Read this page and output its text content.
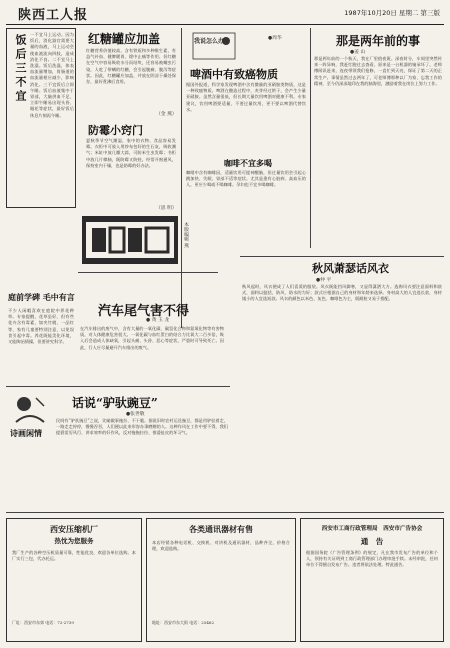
陕西工人报	1987年10月20日 星期二 第三版
饭后三不宜 一不宜马上运动。因为饭后，消化器官需要大量的血液，马上运动会使血液流向四肢，造成消化不良。二不宜马上洗澡。饭后洗澡，体表血流量增加，胃肠道的血流量相应减少，影响消化。三不宜饭后立即午睡。饭后血液集中于胃部，大脑供血不足，立即午睡易出现头昏、眼花等症状，最好饭后休息片刻再午睡。
红糖罐应加盖
红糖营养价值较高，含有铁质和多种维生素，有益气补血、健脾暖胃、缓中止痛等作用。但红糖在空气中容易吸收水分而结块，还容易被螨虫污染，人吃了带螨的红糖，会引起腹痛、腹泻等症状。因此，红糖罐应加盖，并放在阴凉干燥处保存，最好煮沸后食用。
（金 燕）
防霉小窍门
夏秋季节空气潮湿，家中的衣物、食品容易发霉。衣柜中可放入用纱布包好的生石灰，吸收潮气；米缸中放几瓣大蒜，可防米生虫发霉；书柜中放几片樟脑，既防霉又防蛀。经常开窗通风，保持室内干燥，也是防霉的好办法。
（思 明）
本版编辑 燕
庭前学碑 毛中有言
不少人闲暇喜欢在庭院中养花种草。专家提醒，花草虽好，但有些花卉含有毒素，如夹竹桃、一品红等，家有儿童要特别注意，以免误食引起中毒。养花既能美化环境，又能陶冶情操，但要讲究科学。
汽车尾气害不得
● 黄 玉 龙
在汽车排出的废气中，含有大量的一氧化碳、碳氢化合物和氮氧化物等有害物质，对人体健康危害很大。一氧化碳与血红蛋白的结合力比氧大二百多倍，吸入后会造成人体缺氧，引起头痛、头昏、恶心等症状，严重时可导致死亡。因此，行人应尽量避开汽车排出的废气。
诗画闲情
话说“驴驮豌豆”
●张世敬
民间有“驴驮豌豆”之说，比喻做事拖拉、不干脆。据说旧时农村运送豌豆，都是用驴驮着走，一路走走停停，慢慢吞吞，人们便以此来形容办事磨蹭的人。这种作风在工作中要不得，我们提倡雷厉风行、讲求效率的好作风，反对拖拖拉拉、推诿扯皮的坏习气。
我说怎么办
啤酒中有致癌物质
●周华
据国外报道，科学家发现啤酒中含有微量的亚硝胺类物质，这是一种致癌物质。啤酒在酿造过程中，麦芽经过烘干，会产生少量亚硝胺。虽然含量很低，但长期大量饮用啤酒对健康不利。专家建议，饮用啤酒要适量，不要过量饮用，更不要以啤酒代替饮水。
咖啡不宜多喝
咖啡中含有咖啡因，适量饮用可提神醒脑，但过量饮用会引起心跳加快、失眠、胃部不适等症状。尤其是患有心脏病、高血压的人，更应少喝或不喝咖啡。孕妇也不宜多喝咖啡。
那是两年前的事
●姜 山
那是两年前的一个秋天，我在厂里值夜班。深夜时分，车间里突然传来一阵异响，我赶忙跑过去查看，原来是一台机器的轴承坏了。老师傅闻讯赶来，连夜带领我们抢修，一直忙到天亮，保证了第二天的正常生产。事情虽然过去两年了，可老师傅那种以厂为家、忘我工作的精神，至今仍深深地印在我的脑海里，激励着我在岗位上努力工作。
秋风萧瑟话风衣
●仲 平
秋风起时，风衣便成了人们喜爱的服装。风衣既能挡风御寒，又显得潇洒大方。选购风衣要注意面料和款式，面料以挺括、防风、防水的为好；款式应根据自己的身材和年龄来选择。身材高大的人宜选长款，身材矮小的人宜选短款。风衣的颜色以米色、灰色、咖啡色为主，既耐脏又易于搭配。
西安压缩机厂
热忱为您服务
我厂生产的各种空压机质量可靠，性能优良，欢迎各单位选购。本厂实行三包，代办托运。
厂址：西安市东郊 电话：72-2739
各类通讯器材有售
本店经销各种电话机、交换机、对讲机及通讯器材，品种齐全，价格合理，欢迎选购。
地址：西安市东大街 电话：25462
西安市工商行政管理局　西安市广告协会
通　告
根据国务院《广告管理条例》的规定，凡在我市发布广告的单位和个人，须持有关证明到工商行政管理部门办理审批手续。未经审批，任何单位不得擅自发布广告。违者将依法处理。特此通告。
